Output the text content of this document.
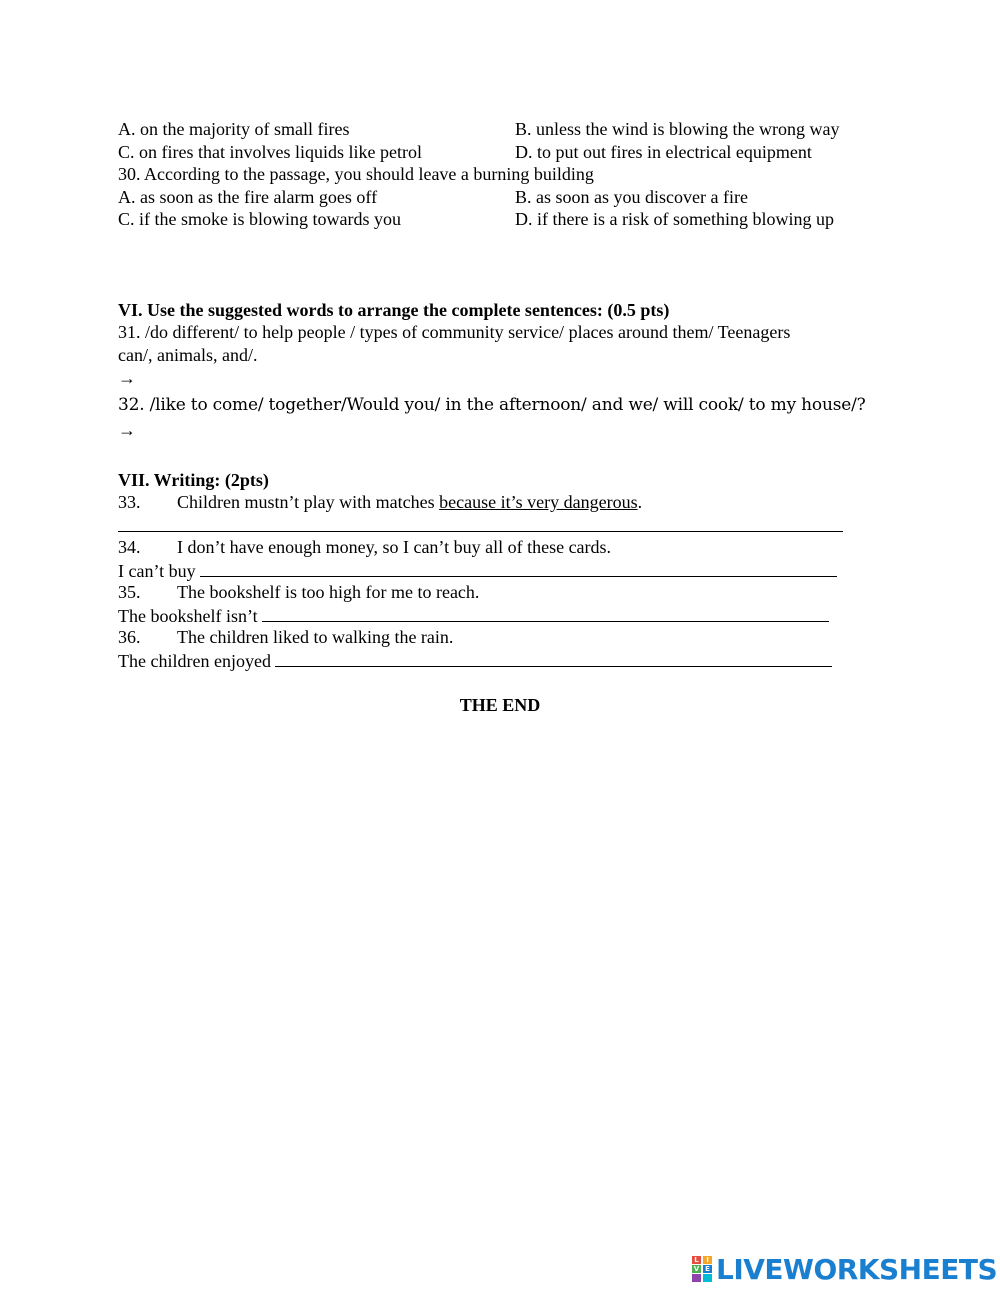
A. on the majority of small fires	B. unless the wind is blowing the wrong way
C. on fires that involves liquids like petrol	D. to put out fires in electrical equipment
30. According to the passage, you should leave a burning building
A. as soon as the fire alarm goes off	B. as soon as you discover a fire
C. if the smoke is blowing towards you	D. if there is a risk of something blowing up
VI. Use the suggested words to arrange the complete sentences: (0.5 pts)
31. /do different/ to help people / types of community service/ places around them/ Teenagers
can/, animals, and/.
→
32. /like to come/ together/Would you/ in the afternoon/ and we/ will cook/ to my house/?
→
VII. Writing: (2pts)
33. Children mustn’t play with matches because it’s very dangerous.
34. I don’t have enough money, so I can’t buy all of these cards.
I can’t buy
35. The bookshelf is too high for me to reach.
The bookshelf isn’t
36. The children liked to walking the rain.
The children enjoyed
THE END
L	I
V E LIVEWORKSHEETS
